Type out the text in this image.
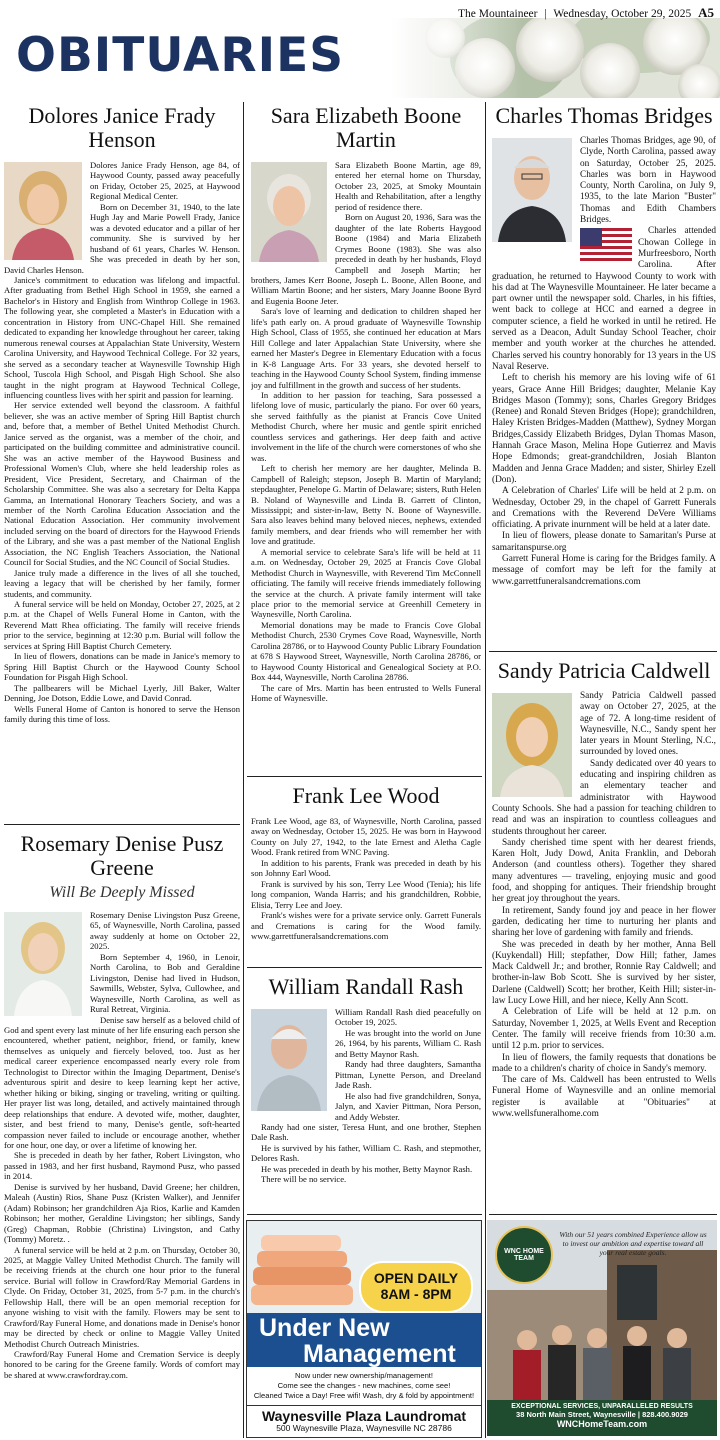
The Mountaineer | Wednesday, October 29, 2025 A5
OBITUARIES
Dolores Janice Frady Henson

Dolores Janice Frady Henson, age 84, of Haywood County, passed away peacefully on Friday, October 25, 2025, at Haywood Regional Medical Center.

Born on December 31, 1940, to the late Hugh Jay and Marie Powell Frady, Janice was a devoted educator and a pillar of her community. She is survived by her husband of 61 years, Charles W. Henson. She was preceded in death by her son, David Charles Henson.

Janice's commitment to education was lifelong and impactful. After graduating from Bethel High School in 1959, she earned a Bachelor's in History and English from Winthrop College in 1963. The following year, she completed a Master's in Education with a concentration in History from UNC-Chapel Hill. She remained dedicated to expanding her knowledge throughout her career, taking numerous renewal courses at Appalachian State University, Western Carolina University, and Haywood Technical College. For 32 years, she served as a secondary teacher at Waynesville Township High School, Tuscola High School, and Pisgah High School. She also taught in the night program at Haywood Technical College, influencing countless lives with her spirit and passion for learning.

Her service extended well beyond the classroom. A faithful believer, she was an active member of Spring Hill Baptist church and, before that, a member of Bethel United Methodist Church. Janice served as the organist, was a member of the choir, and participated on the building committee and administrative council. She was an active member of the Haywood Business and Professional Women's Club, where she held leadership roles as President, Vice President, Secretary, and Chairman of the Scholarship Committee. She was also a secretary for Delta Kappa Gamma, an International Honorary Teachers Society, and was a member of the North Carolina Education Association and the National Education Association. Her community involvement included serving on the board of directors for the Haywood Friends of the Library, and she was a past member of the National English Association, the NC English Teachers Association, the National Council for Social Studies, and the NC Council of Social Studies.

Janice truly made a difference in the lives of all she touched, leaving a legacy that will be cherished by her family, former students, and community.

A funeral service will be held on Monday, October 27, 2025, at 2 p.m. at the Chapel of Wells Funeral Home in Canton, with the Reverend Matt Rhea officiating. The family will receive friends prior to the service, beginning at 12:30 p.m. Burial will follow the services at Spring Hill Baptist Church Cemetery.

In lieu of flowers, donations can be made in Janice's memory to Spring Hill Baptist Church or the Haywood County School Foundation for Pisgah High School.

The pallbearers will be Michael Lyerly, Jill Baker, Walter Denning, Joe Dotson, Eddie Lowe, and David Conrad.

Wells Funeral Home of Canton is honored to serve the Henson family during this time of loss.

Rosemary Denise Pusz Greene
Will Be Deeply Missed

Rosemary Denise Livingston Pusz Greene, 65, of Waynesville, North Carolina, passed away suddenly at home on October 22, 2025.

Born September 4, 1960, in Lenoir, North Carolina, to Bob and Geraldine Livingston, Denise had lived in Hudson, Sawmills, Webster, Sylva, Cullowhee, and Waynesville, North Carolina, as well as Rural Retreat, Virginia.

Denise saw herself as a beloved child of God and spent every last minute of her life ensuring each person she encountered, whether patient, neighbor, friend, or family, knew themselves as uniquely and fiercely beloved, too. Just as her medical career experience encompassed nearly every role from Technologist to Director within the Imaging Department, Denise's adventurous spirit and desire to keep learning kept her active, whether hiking or biking, singing or traveling, writing or quilting. Her prayer list was long, detailed, and actively maintained through deep relationships that endure. A devoted wife, mother, daughter, sister, and best friend to many, Denise's gentle, soft-hearted compassion never failed to include or encourage another, whether for one hour, one day, or over a lifetime of knowing her.

She is preceded in death by her father, Robert Livingston, who passed in 1983, and her first husband, Raymond Pusz, who passed in 2014.

Denise is survived by her husband, David Greene; her children, Maleah (Austin) Rios, Shane Pusz (Kristen Walker), and Jennifer (Adam) Robinson; her grandchildren Aja Rios, Karlie and Kamden Robinson; her mother, Geraldine Livingston; her siblings, Sandy (Greg) Chapman, Robbie (Christina) Livingston, and Cathy (Tommy) Moretz. .

A funeral service will be held at 2 p.m. on Thursday, October 30, 2025, at Maggie Valley United Methodist Church. The family will be receiving friends at the church one hour prior to the funeral service. Burial will follow in Crawford/Ray Memorial Gardens in Clyde. On Friday, October 31, 2025, from 5-7 p.m. in the church's Fellowship Hall, there will be an open memorial reception for anyone wishing to visit with the family. Flowers may be sent to Crawford/Ray Funeral Home, and donations made in Denise's honor may be directed by check or online to Maggie Valley United Methodist Church Outreach Ministries.

Crawford/Ray Funeral Home and Cremation Service is deeply honored to be caring for the Greene family. Words of comfort may be shared at www.crawfordray.com.

Sara Elizabeth Boone Martin

Sara Elizabeth Boone Martin, age 89, entered her eternal home on Thursday, October 23, 2025, at Smoky Mountain Health and Rehabilitation, after a lengthy period of residence there.

Born on August 20, 1936, Sara was the daughter of the late Roberts Haygood Boone (1984) and Maria Elizabeth Crymes Boone (1983). She was also preceded in death by her husbands, Floyd Campbell and Joseph Martin; her brothers, James Kerr Boone, Joseph L. Boone, Allen Boone, and William Martin Boone; and her sisters, Mary Joanne Boone Byrd and Eugenia Boone Jeter.

Sara's love of learning and dedication to children shaped her life's path early on. A proud graduate of Waynesville Township High School, Class of 1955, she continued her education at Mars Hill College and later Appalachian State University, where she earned her Master's Degree in Elementary Education with a focus in K-8 Language Arts. For 33 years, she devoted herself to teaching in the Haywood County School System, finding immense joy and fulfillment in the growth and success of her students.

In addition to her passion for teaching, Sara possessed a lifelong love of music, particularly the piano. For over 60 years, she served faithfully as the pianist at Francis Cove United Methodist Church, where her music and gentle spirit enriched countless services and gatherings. Her deep faith and active involvement in the life of the church were cornerstones of who she was.

Left to cherish her memory are her daughter, Melinda B. Campbell of Raleigh; stepson, Joseph B. Martin of Maryland; stepdaughter, Penelope G. Martin of Delaware; sisters, Ruth Helen B. Noland of Waynesville and Linda B. Garrett of Clinton, Mississippi; and sister-in-law, Betty N. Boone of Waynesville. Sara also leaves behind many beloved nieces, nephews, extended family members, and dear friends who will remember her with love and gratitude.

A memorial service to celebrate Sara's life will be held at 11 a.m. on Wednesday, October 29, 2025 at Francis Cove Global Methodist Church in Waynesville, with Reverend Tim McConnell officiating. The family will receive friends immediately following the service at the church. A private family interment will take place prior to the memorial service at Greenhill Cemetery in Waynesville, North Carolina.

Memorial donations may be made to Francis Cove Global Methodist Church, 2530 Crymes Cove Road, Waynesville, North Carolina 28786, or to Haywood County Public Library Foundation at 678 S Haywood Street, Waynesville, North Carolina 28786, or to Haywood County Historical and Genealogical Society at P.O. Box 444, Waynesville, North Carolina 28786.

The care of Mrs. Martin has been entrusted to Wells Funeral Home of Waynesville.

Frank Lee Wood

Frank Lee Wood, age 83, of Waynesville, North Carolina, passed away on Wednesday, October 15, 2025. He was born in Haywood County on July 27, 1942, to the late Ernest and Aletha Cagle Wood. Frank retired from WNC Paving.

In addition to his parents, Frank was preceded in death by his son Johnny Earl Wood.

Frank is survived by his son, Terry Lee Wood (Tenia); his life long companion, Wanda Harris; and his grandchildren, Robbie, Elisia, Terry Lee and Joey.

Frank's wishes were for a private service only. Garrett Funerals and Cremations is caring for the Wood family. www.garrettfuneralsandcremations.com

William Randall Rash

William Randall Rash died peacefully on October 19, 2025.

He was brought into the world on June 26, 1964, by his parents, William C. Rash and Betty Maynor Rash.

Randy had three daughters, Samantha Pittman, Lynette Person, and Dreeland Jade Rash.

He also had five grandchildren, Sonya, Jalyn, and Xavier Pittman, Nora Person, and Addy Webster.

Randy had one sister, Teresa Hunt, and one brother, Stephen Dale Rash.

He is survived by his father, William C. Rash, and stepmother, Delores Rash.

He was preceded in death by his mother, Betty Maynor Rash.

There will be no service.

Charles Thomas Bridges

Charles Thomas Bridges, age 90, of Clyde, North Carolina, passed away on Saturday, October 25, 2025. Charles was born in Haywood County, North Carolina, on July 9, 1935, to the late Marion "Buster" Thomas and Edith Chambers Bridges.

Charles attended Chowan College in Murfreesboro, North Carolina. After graduation, he returned to Haywood County to work with his dad at The Waynesville Mountaineer. He later became a part owner until the newspaper sold. Charles, in his fifties, went back to college at HCC and earned a degree in computer science, a field he worked in until he retired. He served as a Deacon, Adult Sunday School Teacher, choir member and youth worker at the churches he attended. Charles served his country honorably for 13 years in the US Naval Reserve.

Left to cherish his memory are his loving wife of 61 years, Grace Anne Hill Bridges; daughter, Melanie Kay Bridges Mason (Tommy); sons, Charles Gregory Bridges (Renee) and Ronald Steven Bridges (Hope); grandchildren, Haley Kristen Bridges-Madden (Matthew), Sydney Morgan Bridges,Cassidy Elizabeth Bridges, Dylan Thomas Mason, Hannah Grace Mason, Melina Hope Gutierrez and Mavis Hope Edmonds; great-grandchildren, Josiah Blanton Madden and Jenna Grace Madden; and sister, Shirley Ezell (Don).

A Celebration of Charles' Life will be held at 2 p.m. on Wednesday, October 29, in the chapel of Garrett Funerals and Cremations with the Reverend DeVere Williams officiating. A private inurnment will be held at a later date.

In lieu of flowers, please donate to Samaritan's Purse at samaritanspurse.org

Garrett Funeral Home is caring for the Bridges family. A message of comfort may be left for the family at www.garrettfuneralsandcremations.com

Sandy Patricia Caldwell

Sandy Patricia Caldwell passed away on October 27, 2025, at the age of 72. A long-time resident of Waynesville, N.C., Sandy spent her later years in Mount Sterling, N.C., surrounded by loved ones.

Sandy dedicated over 40 years to educating and inspiring children as an elementary teacher and administrator with Haywood County Schools. She had a passion for teaching children to read and was an inspiration to countless colleagues and students throughout her career.

Sandy cherished time spent with her dearest friends, Karen Holt, Judy Dowd, Anita Franklin, and Deborah Anderson (and countless others). Together they shared many adventures — traveling, enjoying music and good food, and shopping for antiques. Their friendship brought her great joy throughout the years.

In retirement, Sandy found joy and peace in her flower garden, dedicating her time to nurturing her plants and sharing her love of gardening with family and friends.

She was preceded in death by her mother, Anna Bell (Kuykendall) Hill; stepfather, Dow Hill; father, James Mack Caldwell Jr.; and brother, Ronnie Ray Caldwell; and brother-in-law Bob Scott. She is survived by her sister, Darlene (Caldwell) Scott; her brother, Keith Hill; sister-in-law Lucy Lowe Hill, and her niece, Kelly Ann Scott.

A Celebration of Life will be held at 12 p.m. on Saturday, November 1, 2025, at Wells Event and Reception Center. The family will receive friends from 10:30 a.m. until 12 p.m. prior to services.

In lieu of flowers, the family requests that donations be made to a children's charity of choice in Sandy's memory.

The care of Ms. Caldwell has been entrusted to Wells Funeral Home of Waynesville and an online memorial register is available at "Obituaries" at www.wellsfuneralhome.com

OPEN DAILY
8AM - 8PM
Under New
Management
Now under new ownership/management!
Come see the changes - new machines, come see!
Cleaned Twice a Day! Free wifi! Wash, dry & fold by appointment!
Waynesville Plaza Laundromat
500 Waynesville Plaza, Waynesville NC 28786
WNC HOME TEAM
With our 51 years combined Experience allow us to invest our ambition and expertise toward all your real estate goals.
EXCEPTIONAL SERVICES, UNPARALLELED RESULTS
38 North Main Street, Waynesville | 828.400.9029
WNCHomeTeam.com
